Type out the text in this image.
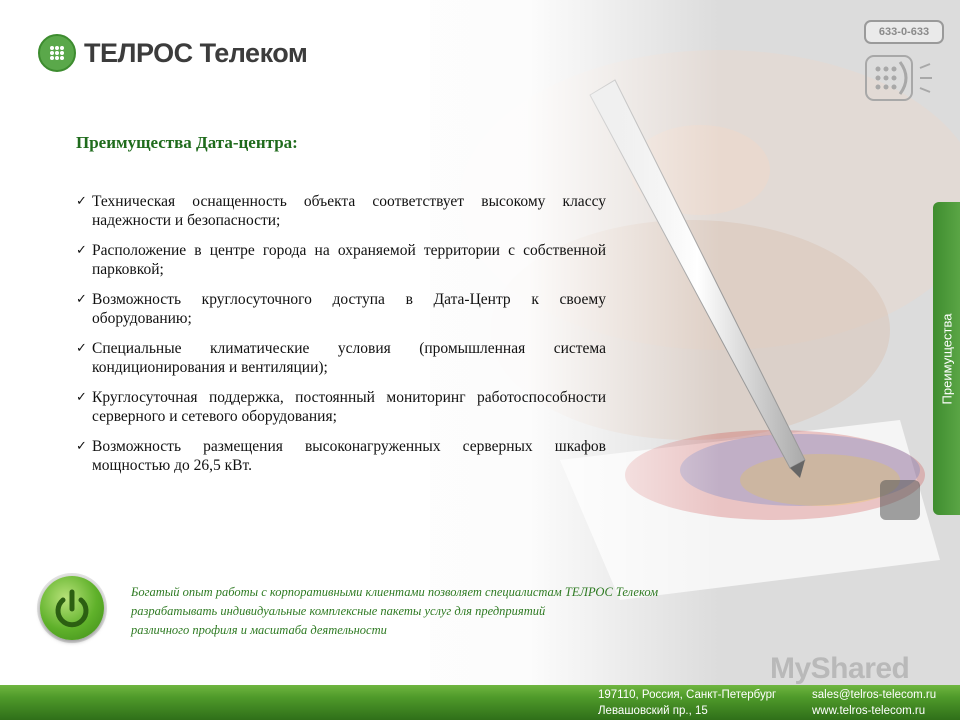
ТЕЛРОС Телеком
633-0-633
Преимущества Дата-центра:
✓ Техническая оснащенность объекта соответствует высокому классу надежности и безопасности;
✓ Расположение в центре города на охраняемой территории с собственной парковкой;
✓ Возможность круглосуточного доступа в Дата-Центр к своему оборудованию;
✓ Специальные климатические условия (промышленная система кондиционирования и вентиляции);
✓ Круглосуточная поддержка, постоянный мониторинг работоспособности серверного и сетевого оборудования;
✓ Возможность размещения высоконагруженных серверных шкафов мощностью до 26,5 кВт.
Преимущества
Богатый опыт работы с корпоративными клиентами позволяет специалистам ТЕЛРОС Телеком
разрабатывать индивидуальные комплексные пакеты услуг для предприятий
различного профиля и масштаба деятельности
MyShared
197110, Россия, Санкт-Петербург
Левашовский пр., 15
sales@telros-telecom.ru
www.telros-telecom.ru
